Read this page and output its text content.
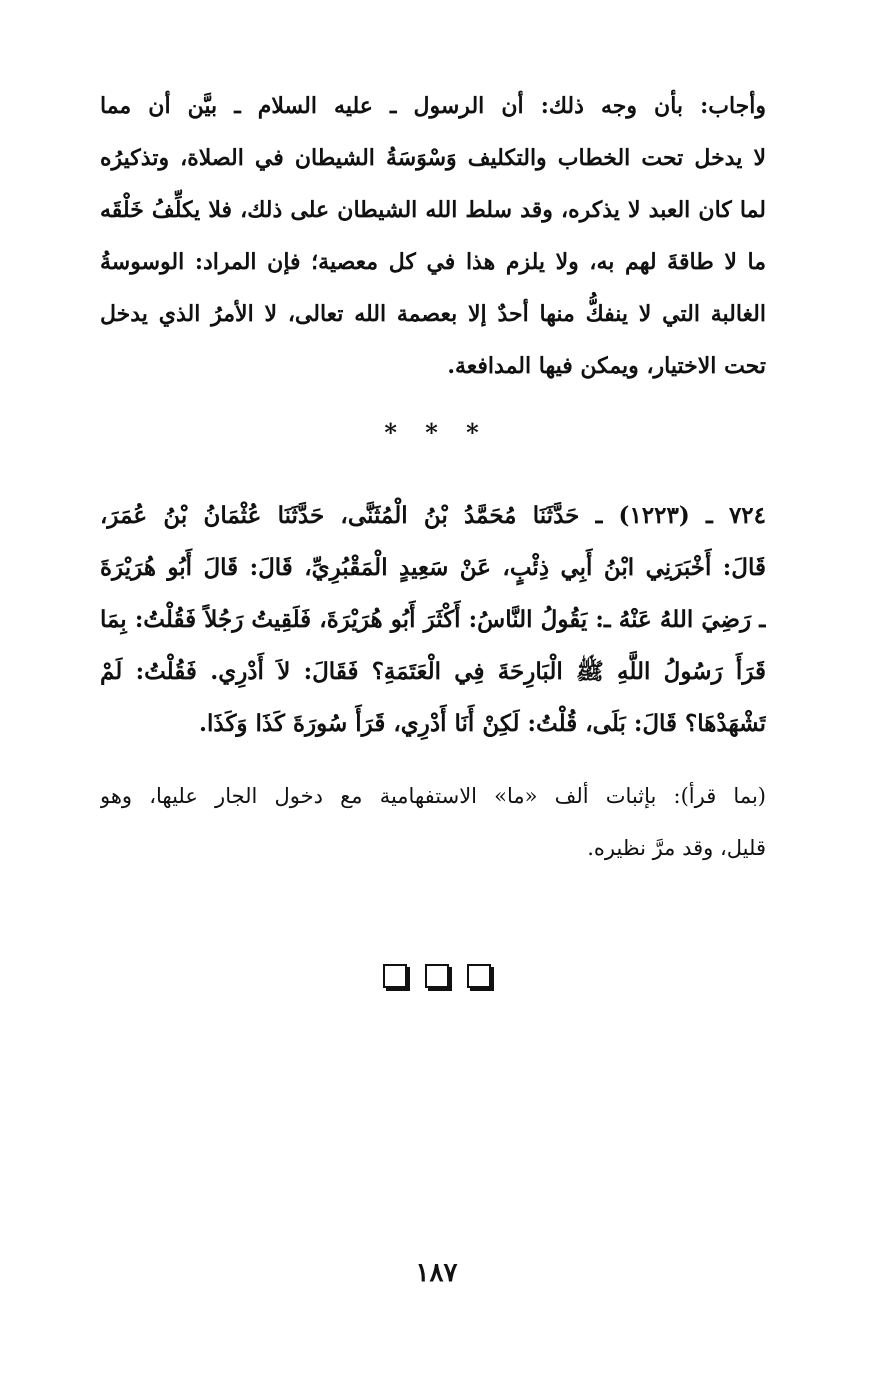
وأجاب: بأن وجه ذلك: أن الرسول ـ عليه السلام ـ بيَّن أن مما
لا يدخل تحت الخطاب والتكليف وَسْوَسَةُ الشيطان في الصلاة، وتذكيرُه
لما كان العبد لا يذكره، وقد سلط الله الشيطان على ذلك، فلا يكلِّفُ خَلْقَه
ما لا طاقةَ لهم به، ولا يلزم هذا في كل معصية؛ فإن المراد: الوسوسةُ
الغالبة التي لا ينفكُّ منها أحدٌ إلا بعصمة الله تعالى، لا الأمرُ الذي يدخل
تحت الاختيار، ويمكن فيها المدافعة.
* * *
٧٢٤ ـ (١٢٢٣) ـ حَدَّثَنَا مُحَمَّدُ بْنُ الْمُثَنَّى، حَدَّثَنَا عُثْمَانُ بْنُ عُمَرَ،
قَالَ: أَخْبَرَنِي ابْنُ أَبِي ذِئْبٍ، عَنْ سَعِيدٍ الْمَقْبُرِيِّ، قَالَ: قَالَ أَبُو هُرَيْرَةَ
ـ رَضِيَ اللهُ عَنْهُ ـ: يَقُولُ النَّاسُ: أَكْثَرَ أَبُو هُرَيْرَةَ، فَلَقِيتُ رَجُلاً فَقُلْتُ: بِمَا
قَرَأَ رَسُولُ اللَّهِ ﷺ الْبَارِحَةَ فِي الْعَتَمَةِ؟ فَقَالَ: لاَ أَدْرِي. فَقُلْتُ: لَمْ
تَشْهَدْهَا؟ قَالَ: بَلَى، قُلْتُ: لَكِنْ أَنَا أَدْرِي، قَرَأَ سُورَةَ كَذَا وَكَذَا.
(بما قرأ): بإثبات ألف «ما» الاستفهامية مع دخول الجار عليها، وهو
قليل، وقد مرَّ نظيره.
١٨٧
